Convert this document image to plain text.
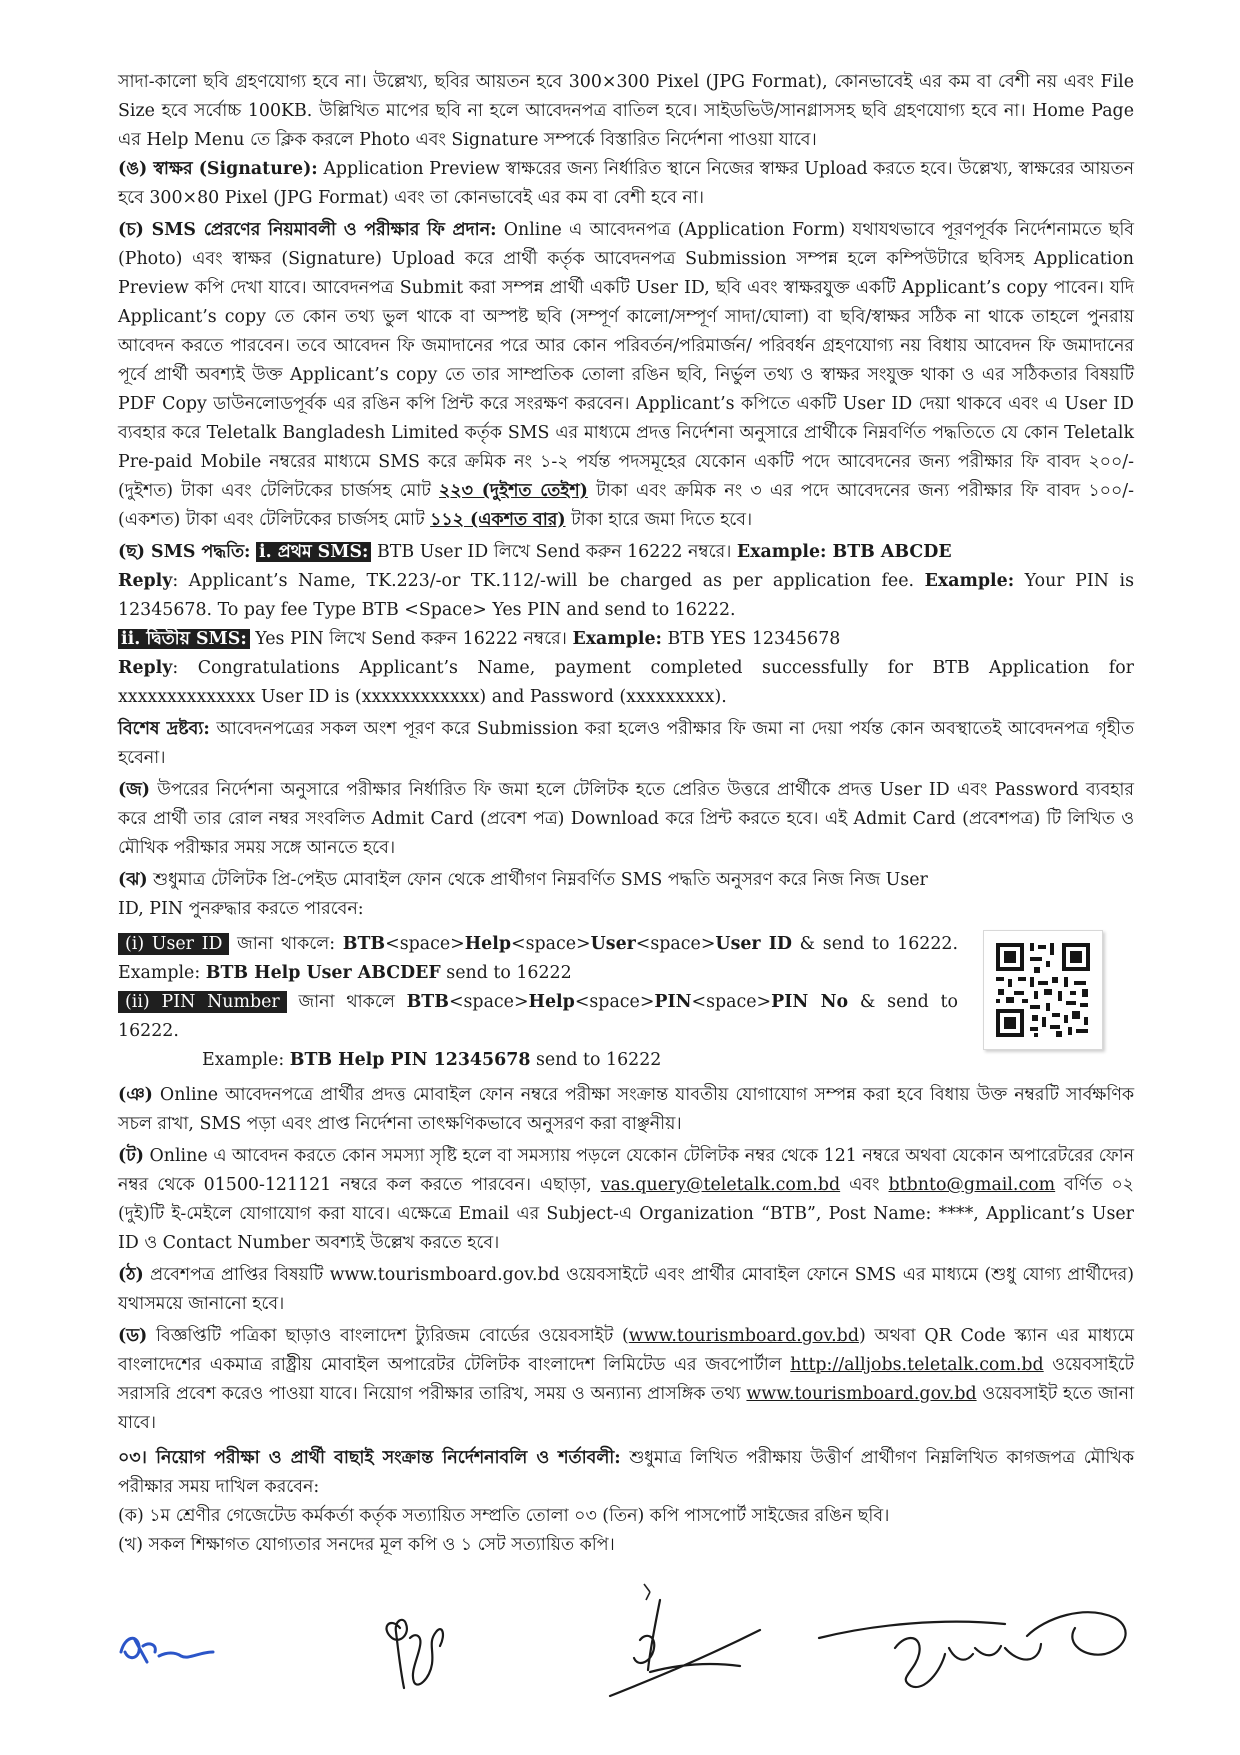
সাদা-কালো ছবি গ্রহণযোগ্য হবে না। উল্লেখ্য, ছবির আয়তন হবে 300×300 Pixel (JPG Format), কোনভাবেই এর কম বা বেশী নয় এবং File Size হবে সর্বোচ্চ 100KB. উল্লিখিত মাপের ছবি না হলে আবেদনপত্র বাতিল হবে। সাইডভিউ/সানগ্লাসসহ ছবি গ্রহণযোগ্য হবে না। Home Page এর Help Menu তে ক্লিক করলে Photo এবং Signature সম্পর্কে বিস্তারিত নির্দেশনা পাওয়া যাবে।

(ঙ) স্বাক্ষর (Signature): Application Preview স্বাক্ষরের জন্য নির্ধারিত স্থানে নিজের স্বাক্ষর Upload করতে হবে। উল্লেখ্য, স্বাক্ষরের আয়তন হবে 300×80 Pixel (JPG Format) এবং তা কোনভাবেই এর কম বা বেশী হবে না।

(চ) SMS প্রেরণের নিয়মাবলী ও পরীক্ষার ফি প্রদান: Online এ আবেদনপত্র (Application Form) যথাযথভাবে পূরণপূর্বক নির্দেশনামতে ছবি (Photo) এবং স্বাক্ষর (Signature) Upload করে প্রার্থী কর্তৃক আবেদনপত্র Submission সম্পন্ন হলে কম্পিউটারে ছবিসহ Application Preview কপি দেখা যাবে। আবেদনপত্র Submit করা সম্পন্ন প্রার্থী একটি User ID, ছবি এবং স্বাক্ষরযুক্ত একটি Applicant’s copy পাবেন। যদি Applicant’s copy তে কোন তথ্য ভুল থাকে বা অস্পষ্ট ছবি (সম্পূর্ণ কালো/সম্পূর্ণ সাদা/ঘোলা) বা ছবি/স্বাক্ষর সঠিক না থাকে তাহলে পুনরায় আবেদন করতে পারবেন। তবে আবেদন ফি জমাদানের পরে আর কোন পরিবর্তন/পরিমার্জন/ পরিবর্ধন গ্রহণযোগ্য নয় বিধায় আবেদন ফি জমাদানের পূর্বে প্রার্থী অবশ্যই উক্ত Applicant’s copy তে তার সাম্প্রতিক তোলা রঙিন ছবি, নির্ভুল তথ্য ও স্বাক্ষর সংযুক্ত থাকা ও এর সঠিকতার বিষয়টি PDF Copy ডাউনলোডপূর্বক এর রঙিন কপি প্রিন্ট করে সংরক্ষণ করবেন। Applicant’s কপিতে একটি User ID দেয়া থাকবে এবং এ User ID ব্যবহার করে Teletalk Bangladesh Limited কর্তৃক SMS এর মাধ্যমে প্রদত্ত নির্দেশনা অনুসারে প্রার্থীকে নিম্নবর্ণিত পদ্ধতিতে যে কোন Teletalk Pre-paid Mobile নম্বরের মাধ্যমে SMS করে ক্রমিক নং ১-২ পর্যন্ত পদসমূহের যেকোন একটি পদে আবেদনের জন্য পরীক্ষার ফি বাবদ ২০০/-(দুইশত) টাকা এবং টেলিটকের চার্জসহ মোট ২২৩ (দুইশত তেইশ) টাকা এবং ক্রমিক নং ৩ এর পদে আবেদনের জন্য পরীক্ষার ফি বাবদ ১০০/-(একশত) টাকা এবং টেলিটকের চার্জসহ মোট ১১২ (একশত বার) টাকা হারে জমা দিতে হবে।

(ছ) SMS পদ্ধতি: i. প্রথম SMS: BTB User ID লিখে Send করুন 16222 নম্বরে। Example: BTB ABCDE

Reply: Applicant’s Name, TK.223/-or TK.112/-will be charged as per application fee. Example: Your PIN is 12345678. To pay fee Type BTB <Space> Yes PIN and send to 16222.

ii. দ্বিতীয় SMS: Yes PIN লিখে Send করুন 16222 নম্বরে। Example: BTB YES 12345678

Reply: Congratulations Applicant’s Name, payment completed successfully for BTB Application for xxxxxxxxxxxxxx User ID is (xxxxxxxxxxxx) and Password (xxxxxxxxx).

বিশেষ দ্রষ্টব্য: আবেদনপত্রের সকল অংশ পূরণ করে Submission করা হলেও পরীক্ষার ফি জমা না দেয়া পর্যন্ত কোন অবস্থাতেই আবেদনপত্র গৃহীত হবেনা।

(জ) উপরের নির্দেশনা অনুসারে পরীক্ষার নির্ধারিত ফি জমা হলে টেলিটক হতে প্রেরিত উত্তরে প্রার্থীকে প্রদত্ত User ID এবং Password ব্যবহার করে প্রার্থী তার রোল নম্বর সংবলিত Admit Card (প্রবেশ পত্র) Download করে প্রিন্ট করতে হবে। এই Admit Card (প্রবেশপত্র) টি লিখিত ও মৌখিক পরীক্ষার সময় সঙ্গে আনতে হবে।

(ঝ) শুধুমাত্র টেলিটক প্রি-পেইড মোবাইল ফোন থেকে প্রার্থীগণ নিম্নবর্ণিত SMS পদ্ধতি অনুসরণ করে নিজ নিজ User
ID, PIN পুনরুদ্ধার করতে পারবেন:

(i) User ID জানা থাকলে: BTB<space>Help<space>User<space>User ID & send to 16222. Example: BTB Help User ABCDEF send to 16222

(ii) PIN Number জানা থাকলে BTB<space>Help<space>PIN<space>PIN No & send to 16222.

Example: BTB Help PIN 12345678 send to 16222

(ঞ) Online আবেদনপত্রে প্রার্থীর প্রদত্ত মোবাইল ফোন নম্বরে পরীক্ষা সংক্রান্ত যাবতীয় যোগাযোগ সম্পন্ন করা হবে বিধায় উক্ত নম্বরটি সার্বক্ষণিক সচল রাখা, SMS পড়া এবং প্রাপ্ত নির্দেশনা তাৎক্ষণিকভাবে অনুসরণ করা বাঞ্ছনীয়।

(ট) Online এ আবেদন করতে কোন সমস্যা সৃষ্টি হলে বা সমস্যায় পড়লে যেকোন টেলিটক নম্বর থেকে 121 নম্বরে অথবা যেকোন অপারেটরের ফোন নম্বর থেকে 01500-121121 নম্বরে কল করতে পারবেন। এছাড়া, vas.query@teletalk.com.bd এবং btbnto@gmail.com বর্ণিত ০২ (দুই)টি ই-মেইলে যোগাযোগ করা যাবে। এক্ষেত্রে Email এর Subject-এ Organization “BTB”, Post Name: ****, Applicant’s User ID ও Contact Number অবশ্যই উল্লেখ করতে হবে।

(ঠ) প্রবেশপত্র প্রাপ্তির বিষয়টি www.tourismboard.gov.bd ওয়েবসাইটে এবং প্রার্থীর মোবাইল ফোনে SMS এর মাধ্যমে (শুধু যোগ্য প্রার্থীদের) যথাসময়ে জানানো হবে।

(ড) বিজ্ঞপ্তিটি পত্রিকা ছাড়াও বাংলাদেশ ট্যুরিজম বোর্ডের ওয়েবসাইট (www.tourismboard.gov.bd) অথবা QR Code স্ক্যান এর মাধ্যমে বাংলাদেশের একমাত্র রাষ্ট্রীয় মোবাইল অপারেটর টেলিটক বাংলাদেশ লিমিটেড এর জবপোর্টাল http://alljobs.teletalk.com.bd ওয়েবসাইটে সরাসরি প্রবেশ করেও পাওয়া যাবে। নিয়োগ পরীক্ষার তারিখ, সময় ও অন্যান্য প্রাসঙ্গিক তথ্য www.tourismboard.gov.bd ওয়েবসাইট হতে জানা যাবে।

০৩। নিয়োগ পরীক্ষা ও প্রার্থী বাছাই সংক্রান্ত নির্দেশনাবলি ও শর্তাবলী: শুধুমাত্র লিখিত পরীক্ষায় উত্তীর্ণ প্রার্থীগণ নিম্নলিখিত কাগজপত্র মৌখিক পরীক্ষার সময় দাখিল করবেন:

(ক) ১ম শ্রেণীর গেজেটেড কর্মকর্তা কর্তৃক সত্যায়িত সম্প্রতি তোলা ০৩ (তিন) কপি পাসপোর্ট সাইজের রঙিন ছবি।

(খ) সকল শিক্ষাগত যোগ্যতার সনদের মূল কপি ও ১ সেট সত্যায়িত কপি।
